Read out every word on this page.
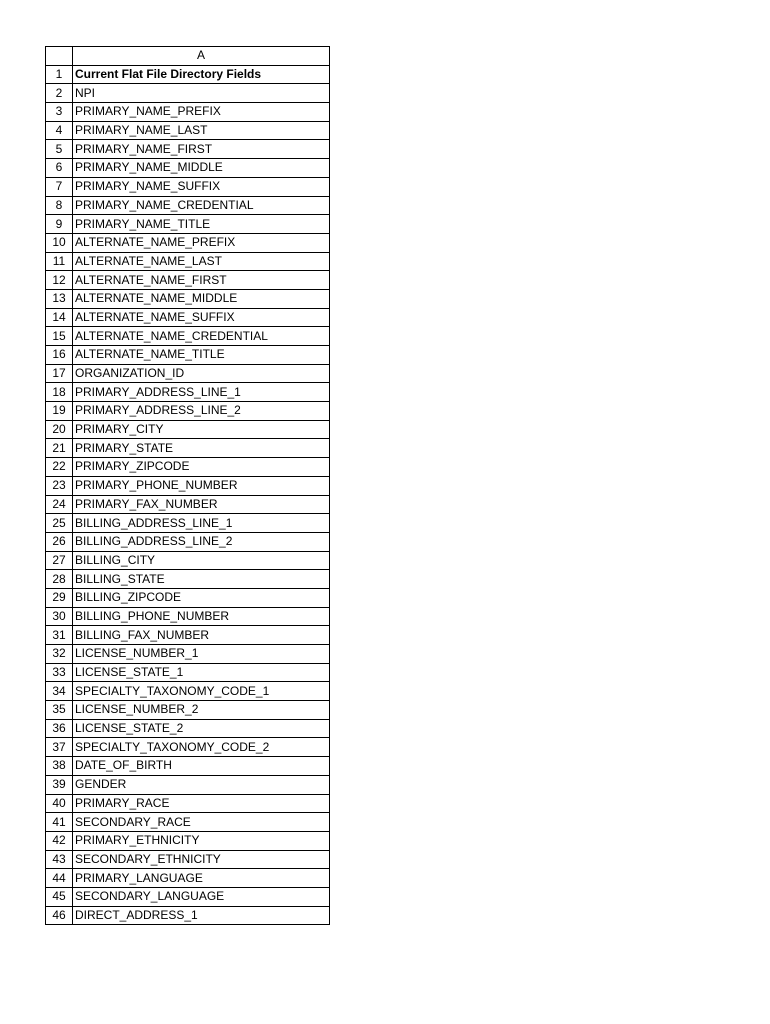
	A
1	Current Flat File Directory Fields
2	NPI
3	PRIMARY_NAME_PREFIX
4	PRIMARY_NAME_LAST
5	PRIMARY_NAME_FIRST
6	PRIMARY_NAME_MIDDLE
7	PRIMARY_NAME_SUFFIX
8	PRIMARY_NAME_CREDENTIAL
9	PRIMARY_NAME_TITLE
10	ALTERNATE_NAME_PREFIX
11	ALTERNATE_NAME_LAST
12	ALTERNATE_NAME_FIRST
13	ALTERNATE_NAME_MIDDLE
14	ALTERNATE_NAME_SUFFIX
15	ALTERNATE_NAME_CREDENTIAL
16	ALTERNATE_NAME_TITLE
17	ORGANIZATION_ID
18	PRIMARY_ADDRESS_LINE_1
19	PRIMARY_ADDRESS_LINE_2
20	PRIMARY_CITY
21	PRIMARY_STATE
22	PRIMARY_ZIPCODE
23	PRIMARY_PHONE_NUMBER
24	PRIMARY_FAX_NUMBER
25	BILLING_ADDRESS_LINE_1
26	BILLING_ADDRESS_LINE_2
27	BILLING_CITY
28	BILLING_STATE
29	BILLING_ZIPCODE
30	BILLING_PHONE_NUMBER
31	BILLING_FAX_NUMBER
32	LICENSE_NUMBER_1
33	LICENSE_STATE_1
34	SPECIALTY_TAXONOMY_CODE_1
35	LICENSE_NUMBER_2
36	LICENSE_STATE_2
37	SPECIALTY_TAXONOMY_CODE_2
38	DATE_OF_BIRTH
39	GENDER
40	PRIMARY_RACE
41	SECONDARY_RACE
42	PRIMARY_ETHNICITY
43	SECONDARY_ETHNICITY
44	PRIMARY_LANGUAGE
45	SECONDARY_LANGUAGE
46	DIRECT_ADDRESS_1
